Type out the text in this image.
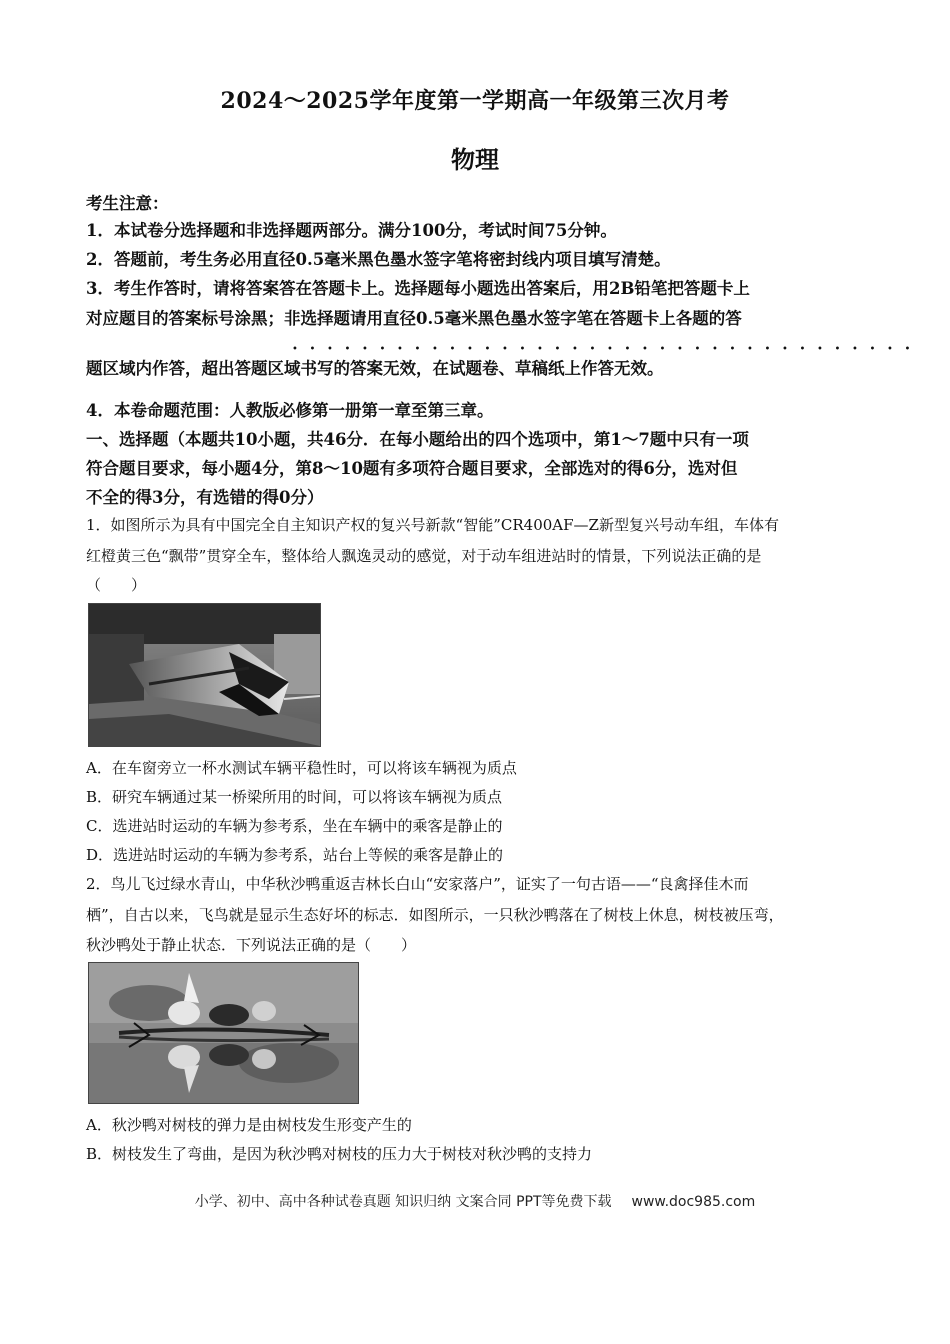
2024～2025学年度第一学期高一年级第三次月考
物理
考生注意：
1．本试卷分选择题和非选择题两部分。满分100分，考试时间75分钟。
2．答题前，考生务必用直径0.5毫米黑色墨水签字笔将密封线内项目填写清楚。
3．考生作答时，请将答案答在答题卡上。选择题每小题选出答案后，用2B铅笔把答题卡上
对应题目的答案标号涂黑；非选择题请用直径0.5毫米黑色墨水签字笔在答题卡上各题的答
••••••••••••••••••••••••••••••••••••
题区域内作答，超出答题区域书写的答案无效，在试题卷、草稿纸上作答无效。
4．本卷命题范围：人教版必修第一册第一章至第三章。
一、选择题（本题共10小题，共46分．在每小题给出的四个选项中，第1～7题中只有一项
符合题目要求，每小题4分，第8～10题有多项符合题目要求，全部选对的得6分，选对但
不全的得3分，有选错的得0分）
1．如图所示为具有中国完全自主知识产权的复兴号新款“智能”CR400AF—Z新型复兴号动车组，车体有
红橙黄三色“飘带”贯穿全车，整体给人飘逸灵动的感觉，对于动车组进站时的情景，下列说法正确的是
（　　）
A．在车窗旁立一杯水测试车辆平稳性时，可以将该车辆视为质点
B．研究车辆通过某一桥梁所用的时间，可以将该车辆视为质点
C．选进站时运动的车辆为参考系，坐在车辆中的乘客是静止的
D．选进站时运动的车辆为参考系，站台上等候的乘客是静止的
2．鸟儿飞过绿水青山，中华秋沙鸭重返吉林长白山“安家落户”，证实了一句古语——“良禽择佳木而
栖”，自古以来，飞鸟就是显示生态好坏的标志．如图所示，一只秋沙鸭落在了树枝上休息，树枝被压弯，
秋沙鸭处于静止状态．下列说法正确的是（　　）
A．秋沙鸭对树枝的弹力是由树枝发生形变产生的
B．树枝发生了弯曲，是因为秋沙鸭对树枝的压力大于树枝对秋沙鸭的支持力
小学、初中、高中各种试卷真题 知识归纳 文案合同 PPT等免费下载 www.doc985.com
